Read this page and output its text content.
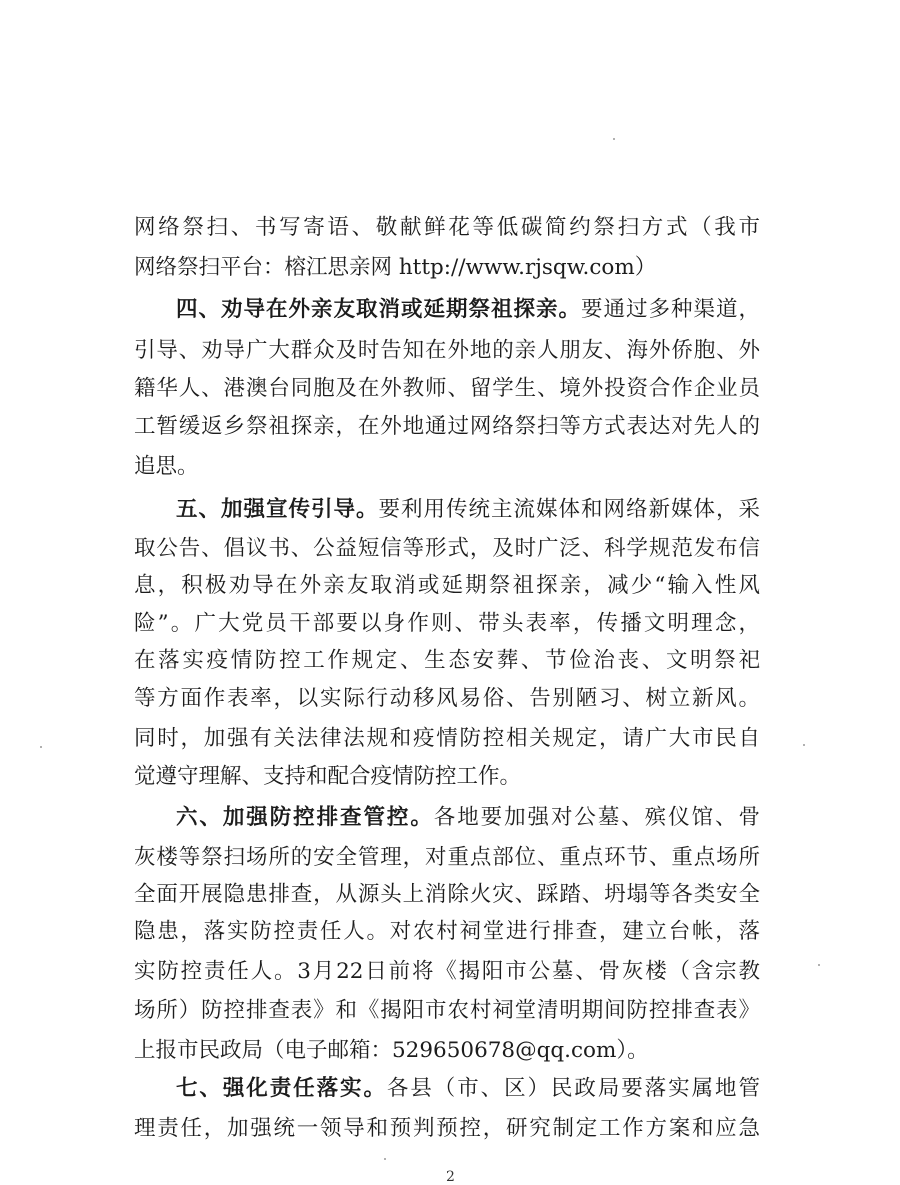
网络祭扫、书写寄语、敬献鲜花等低碳简约祭扫方式（我市
网络祭扫平台：榕江思亲网 http://www.rjsqw.com）
四、劝导在外亲友取消或延期祭祖探亲。要通过多种渠道，
引导、劝导广大群众及时告知在外地的亲人朋友、海外侨胞、外
籍华人、港澳台同胞及在外教师、留学生、境外投资合作企业员
工暂缓返乡祭祖探亲，在外地通过网络祭扫等方式表达对先人的
追思。
五、加强宣传引导。要利用传统主流媒体和网络新媒体，采
取公告、倡议书、公益短信等形式，及时广泛、科学规范发布信
息，积极劝导在外亲友取消或延期祭祖探亲，减少“输入性风
险”。广大党员干部要以身作则、带头表率，传播文明理念，
在落实疫情防控工作规定、生态安葬、节俭治丧、文明祭祀
等方面作表率，以实际行动移风易俗、告别陋习、树立新风。
同时，加强有关法律法规和疫情防控相关规定，请广大市民自
觉遵守理解、支持和配合疫情防控工作。
六、加强防控排查管控。各地要加强对公墓、殡仪馆、骨
灰楼等祭扫场所的安全管理，对重点部位、重点环节、重点场所
全面开展隐患排查，从源头上消除火灾、踩踏、坍塌等各类安全
隐患，落实防控责任人。对农村祠堂进行排查，建立台帐，落
实防控责任人。3月22日前将《揭阳市公墓、骨灰楼（含宗教
场所）防控排查表》和《揭阳市农村祠堂清明期间防控排查表》
上报市民政局（电子邮箱：529650678@qq.com）。
七、强化责任落实。各县（市、区）民政局要落实属地管
理责任，加强统一领导和预判预控，研究制定工作方案和应急
2
